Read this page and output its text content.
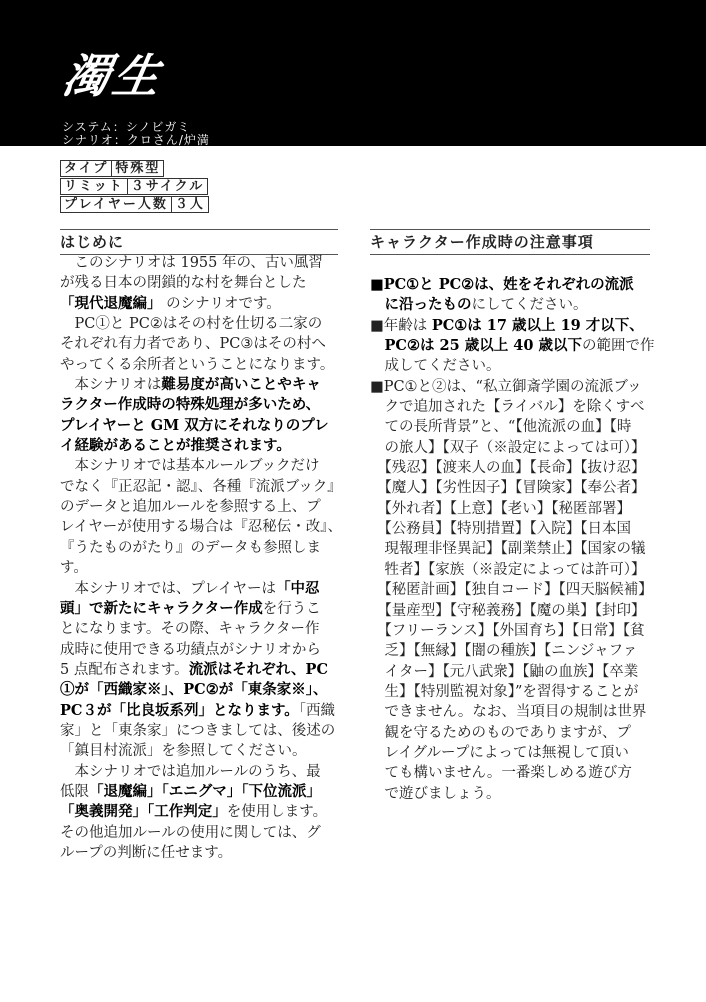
濁生
システム：シノビガミ
シナリオ：クロさん/炉満
タイプ 特殊型
リミット ３サイクル
プレイヤー人数 ３人
はじめに	キャラクター作成時の注意事項
　このシナリオは 1955 年の、古い風習
が残る日本の閉鎖的な村を舞台とした
「現代退魔編」 のシナリオです。
　PC①と PC②はその村を仕切る二家の
それぞれ有力者であり、PC③はその村へ
やってくる余所者ということになります。
　本シナリオは難易度が高いことやキャ
ラクター作成時の特殊処理が多いため、
プレイヤーと GM 双方にそれなりのプレ
イ経験があることが推奨されます。
　本シナリオでは基本ルールブックだけ
でなく『正忍記・認』、各種『流派ブック』
のデータと追加ルールを参照する上、プ
レイヤーが使用する場合は『忍秘伝・改』、
『うたものがたり』のデータも参照しま
す。
　本シナリオでは、プレイヤーは「中忍
頭」で新たにキャラクター作成を行うこ
とになります。その際、キャラクター作
成時に使用できる功績点がシナリオから
5 点配布されます。流派はそれぞれ、PC
①が「西織家※」、PC②が「東条家※」、
PC３が「比良坂系列」となります。「西織
家」と「東条家」につきましては、後述の
「鎮目村流派」を参照してください。
　本シナリオでは追加ルールのうち、最
低限「退魔編」「エニグマ」「下位流派」
「奥義開発」「工作判定」を使用します。
その他追加ルールの使用に関しては、グ
ループの判断に任せます。
■PC①と PC②は、姓をそれぞれの流派
　に沿ったものにしてください。
■年齢は PC①は 17 歳以上 19 才以下、
　PC②は 25 歳以上 40 歳以下の範囲で作
　成してください。
■PC①と②は、“私立御斎学園の流派ブッ
　クで追加された【ライバル】を除くすべ
　ての長所背景”と、“【他流派の血】【時
　の旅人】【双子（※設定によっては可）】
　【残忍】【渡来人の血】【長命】【抜け忍】
　【魔人】【劣性因子】【冒険家】【奉公者】
　【外れ者】【上意】【老い】【秘匿部署】
　【公務員】【特別措置】【入院】【日本国
　現報理非怪異記】【副業禁止】【国家の犠
　牲者】【家族（※設定によっては許可）】
　【秘匿計画】【独自コード】【四天脳候補】
　【量産型】【守秘義務】【魔の巣】【封印】
　【フリーランス】【外国育ち】【日常】【貧
　乏】【無縁】【闇の種族】【ニンジャファ
　イター】【元八武衆】【鼬の血族】【卒業
　生】【特別監視対象】”を習得することが
　できません。なお、当項目の規制は世界
　観を守るためのものでありますが、プ
　レイグループによっては無視して頂い
　ても構いません。一番楽しめる遊び方
　で遊びましょう。
